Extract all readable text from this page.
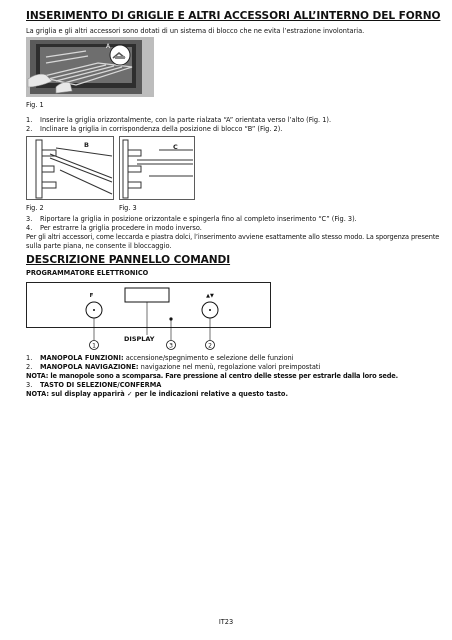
INSERIMENTO DI GRIGLIE E ALTRI ACCESSORI ALL’INTERNO DEL FORNO
La griglia e gli altri accessori sono dotati di un sistema di blocco che ne evita l’estrazione involontaria.
A
Fig. 1
1. Inserire la griglia orizzontalmente, con la parte rialzata “A” orientata verso l’alto (Fig. 1).
2. Inclinare la griglia in corrispondenza della posizione di blocco “B” (Fig. 2).
B	C
Fig. 2	Fig. 3
3. Riportare la griglia in posizione orizzontale e spingerla fino al completo inserimento “C” (Fig. 3).
4. Per estrarre la griglia procedere in modo inverso.
Per gli altri accessori, come leccarda e piastra dolci, l’inserimento avviene esattamente allo stesso modo. La sporgenza presente
sulla parte piana, ne consente il bloccaggio.
DESCRIZIONE PANNELLO COMANDI
PROGRAMMATORE ELETTRONICO
F	▲▼
DISPLAY
1	3	2
1. MANOPOLA FUNZIONI: accensione/spegnimento e selezione delle funzioni
2. MANOPOLA NAVIGAZIONE: navigazione nel menù, regolazione valori preimpostati
NOTA: le manopole sono a scomparsa. Fare pressione al centro delle stesse per estrarle dalla loro sede.
3. TASTO DI SELEZIONE/CONFERMA
NOTA: sul display apparirà ✓ per le indicazioni relative a questo tasto.
IT23
